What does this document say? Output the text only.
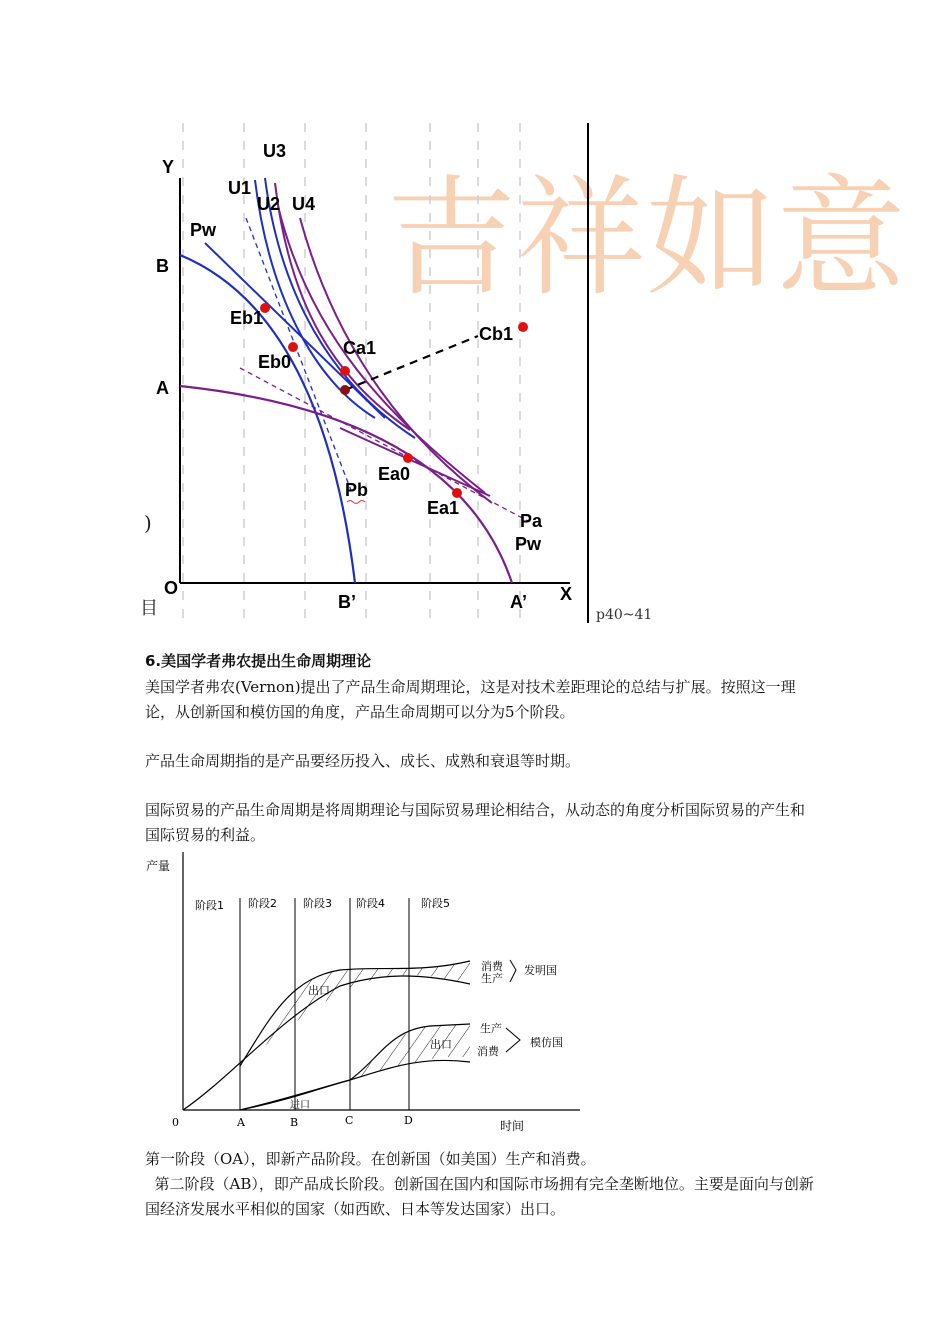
吉祥如意
Y
B
A
O
B’	A’ X
U3
U1
U2 U4
Pw
Eb1
Eb0
Ca1
Cb1
Ea0
Ea1
Pb
Pa
Pw
)
目	p40~41
6.美国学者弗农提出生命周期理论
美国学者弗农(Vernon)提出了产品生命周期理论，这是对技术差距理论的总结与扩展。按照这一理论，从创新国和模仿国的角度，产品生命周期可以分为5个阶段。
产品生命周期指的是产品要经历投入、成长、成熟和衰退等时期。
国际贸易的产品生命周期是将周期理论与国际贸易理论相结合，从动态的角度分析国际贸易的产生和国际贸易的利益。
产量
时间
0	A	B	C	D
阶段1 阶段2 阶段3 阶段4	阶段5
出口
出口
进口
消费
生产
发明国
生产
消费
模仿国
第一阶段（OA），即新产品阶段。在创新国（如美国）生产和消费。
第二阶段（AB），即产品成长阶段。创新国在国内和国际市场拥有完全垄断地位。主要是面向与创新国经济发展水平相似的国家（如西欧、日本等发达国家）出口。
